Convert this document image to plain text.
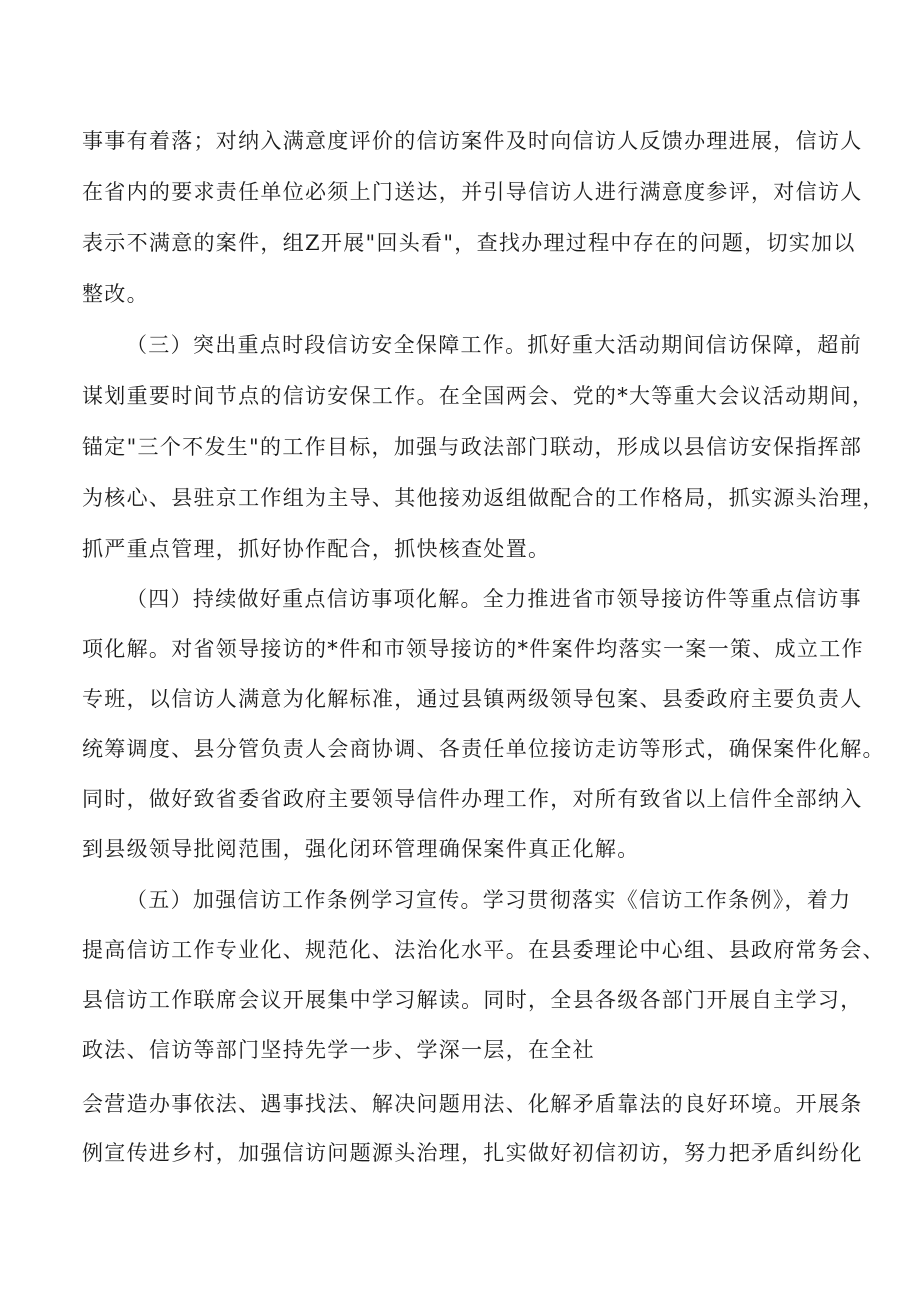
事事有着落；对纳入满意度评价的信访案件及时向信访人反馈办理进展，信访人
在省内的要求责任单位必须上门送达，并引导信访人进行满意度参评，对信访人
表示不满意的案件，组Z开展"回头看"，查找办理过程中存在的问题，切实加以
整改。
（三）突出重点时段信访安全保障工作。抓好重大活动期间信访保障，超前
谋划重要时间节点的信访安保工作。在全国两会、党的*大等重大会议活动期间，
锚定"三个不发生"的工作目标，加强与政法部门联动，形成以县信访安保指挥部
为核心、县驻京工作组为主导、其他接劝返组做配合的工作格局，抓实源头治理，
抓严重点管理，抓好协作配合，抓快核查处置。
（四）持续做好重点信访事项化解。全力推进省市领导接访件等重点信访事
项化解。对省领导接访的*件和市领导接访的*件案件均落实一案一策、成立工作
专班，以信访人满意为化解标准，通过县镇两级领导包案、县委政府主要负责人
统筹调度、县分管负责人会商协调、各责任单位接访走访等形式，确保案件化解。
同时，做好致省委省政府主要领导信件办理工作，对所有致省以上信件全部纳入
到县级领导批阅范围，强化闭环管理确保案件真正化解。
（五）加强信访工作条例学习宣传。学习贯彻落实《信访工作条例》，着力
提高信访工作专业化、规范化、法治化水平。在县委理论中心组、县政府常务会、
县信访工作联席会议开展集中学习解读。同时，全县各级各部门开展自主学习，
政法、信访等部门坚持先学一步、学深一层，在全社
会营造办事依法、遇事找法、解决问题用法、化解矛盾靠法的良好环境。开展条
例宣传进乡村，加强信访问题源头治理，扎实做好初信初访，努力把矛盾纠纷化
